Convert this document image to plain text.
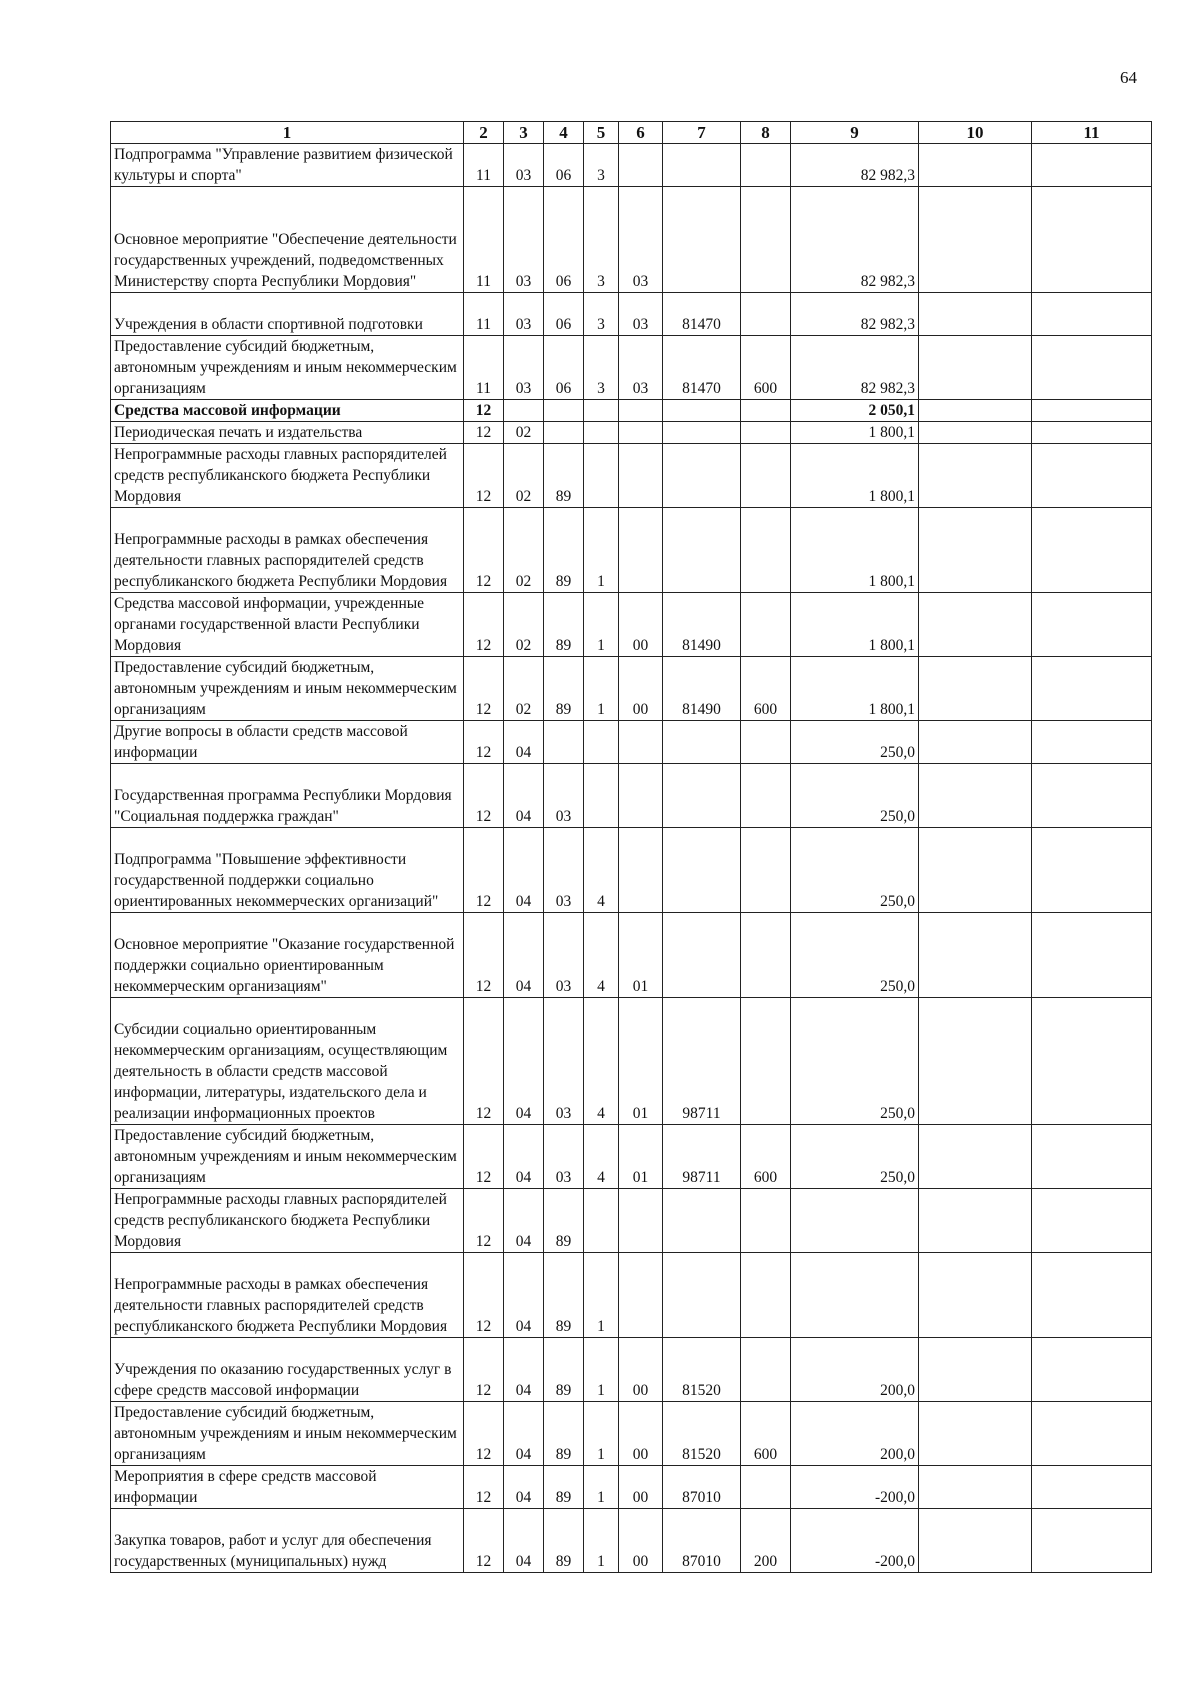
64
1	2	3	4	5	6	7	8	9	10	11
Подпрограмма "Управление развитием физической культуры и спорта"	11	03	06	3				82 982,3		
Основное мероприятие "Обеспечение деятельности государственных учреждений, подведомственных Министерству спорта Республики Мордовия"	11	03	06	3	03			82 982,3		
Учреждения в области спортивной подготовки	11	03	06	3	03	81470		82 982,3		
Предоставление субсидий бюджетным, автономным учреждениям и иным некоммерческим организациям	11	03	06	3	03	81470	600	82 982,3		
Средства массовой информации	12							2 050,1		
Периодическая печать и издательства	12	02						1 800,1		
Непрограммные расходы главных распорядителей средств республиканского бюджета Республики Мордовия	12	02	89					1 800,1		
Непрограммные расходы в рамках обеспечения деятельности главных распорядителей средств республиканского бюджета Республики Мордовия	12	02	89	1				1 800,1		
Средства массовой информации, учрежденные органами государственной власти Республики Мордовия	12	02	89	1	00	81490		1 800,1		
Предоставление субсидий бюджетным, автономным учреждениям и иным некоммерческим организациям	12	02	89	1	00	81490	600	1 800,1		
Другие вопросы в области средств массовой информации	12	04						250,0		
Государственная программа Республики Мордовия "Социальная поддержка граждан"	12	04	03					250,0		
Подпрограмма "Повышение эффективности государственной поддержки социально ориентированных некоммерческих организаций"	12	04	03	4				250,0		
Основное мероприятие "Оказание государственной поддержки социально ориентированным некоммерческим организациям"	12	04	03	4	01			250,0		
Субсидии социально ориентированным некоммерческим организациям, осуществляющим деятельность в области средств массовой информации, литературы, издательского дела и реализации информационных проектов	12	04	03	4	01	98711		250,0		
Предоставление субсидий бюджетным, автономным учреждениям и иным некоммерческим организациям	12	04	03	4	01	98711	600	250,0		
Непрограммные расходы главных распорядителей средств республиканского бюджета Республики Мордовия	12	04	89							
Непрограммные расходы в рамках обеспечения деятельности главных распорядителей средств республиканского бюджета Республики Мордовия	12	04	89	1						
Учреждения по оказанию государственных услуг в сфере средств массовой информации	12	04	89	1	00	81520		200,0		
Предоставление субсидий бюджетным, автономным учреждениям и иным некоммерческим организациям	12	04	89	1	00	81520	600	200,0		
Мероприятия в сфере средств массовой информации	12	04	89	1	00	87010		-200,0		
Закупка товаров, работ и услуг для обеспечения государственных (муниципальных) нужд	12	04	89	1	00	87010	200	-200,0		
